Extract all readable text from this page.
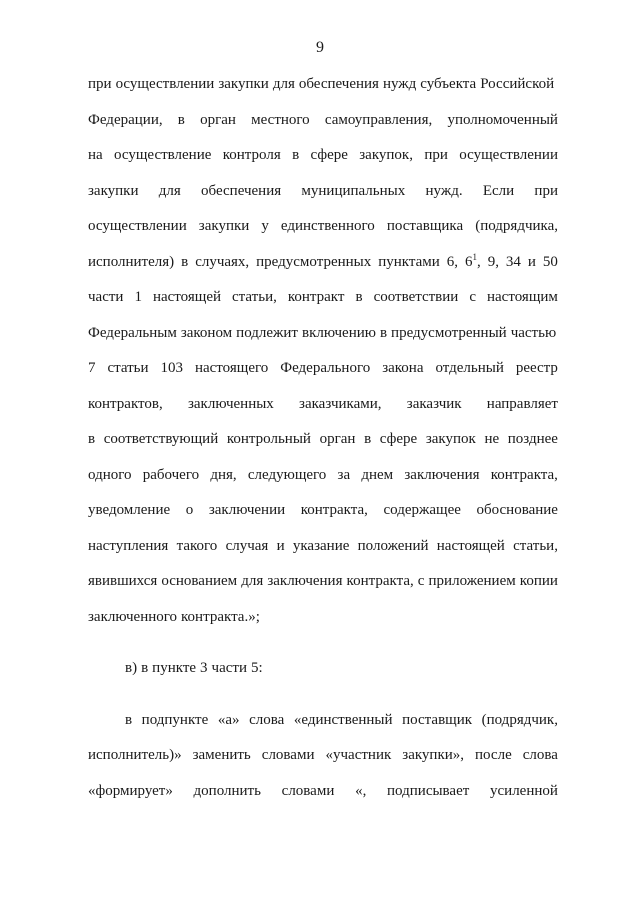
9
при осуществлении закупки для обеспечения нужд субъекта Российской
Федерации, в орган местного самоуправления, уполномоченный
на осуществление контроля в сфере закупок, при осуществлении
закупки для обеспечения муниципальных нужд. Если при
осуществлении закупки у единственного поставщика (подрядчика,
исполнителя) в случаях, предусмотренных пунктами 6, $6^1$, 9, 34 и 50
части 1 настоящей статьи, контракт в соответствии с настоящим
Федеральным законом подлежит включению в предусмотренный частью
7 статьи 103 настоящего Федерального закона отдельный реестр
контрактов, заключенных заказчиками, заказчик направляет
в соответствующий контрольный орган в сфере закупок не позднее
одного рабочего дня, следующего за днем заключения контракта,
уведомление о заключении контракта, содержащее обоснование
наступления такого случая и указание положений настоящей статьи,
явившихся основанием для заключения контракта, с приложением копии
заключенного контракта.»;
в) в пункте 3 части 5:
в подпункте «а» слова «единственный поставщик (подрядчик,
исполнитель)» заменить словами «участник закупки», после слова
«формирует» дополнить словами «, подписывает усиленной
